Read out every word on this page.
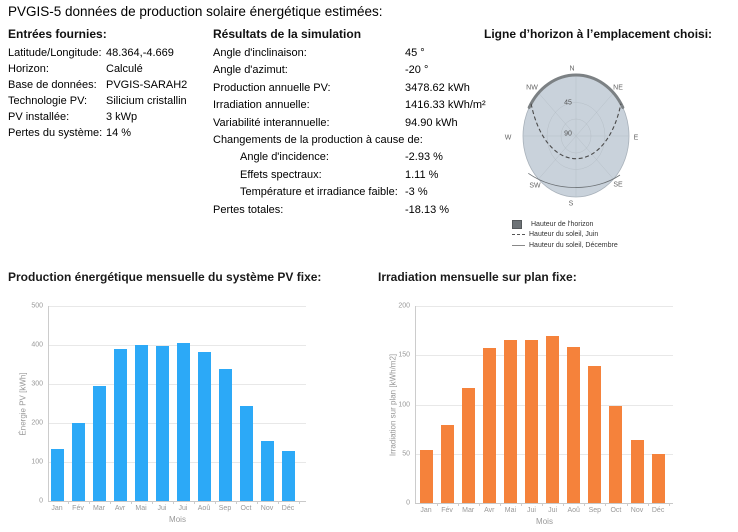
PVGIS-5 données de production solaire énergétique estimées:
Entrées fournies:
Latitude/Longitude: 48.364,-4.669
Horizon:	Calculé
Base de données: PVGIS-SARAH2
Technologie PV: Silicium cristallin
PV installée:	3 kWp
Pertes du système: 14 %
Résultats de la simulation
Angle d'inclinaison:	45 °
Angle d'azimut:	-20 °
Production annuelle PV:	3478.62 kWh
Irradiation annuelle:	1416.33 kWh/m²
Variabilité interannuelle:	94.90 kWh
Changements de la production à cause de:
Angle d'incidence:	-2.93 %
Effets spectraux:	1.11 %
Température et irradiance faible: -3 %
Pertes totales:	-18.13 %
Ligne d’horizon à l’emplacement choisi:
N
NE
E
SE
S
SW
W
NW
45
90
Hauteur de l'horizon
Hauteur du soleil, Juin
Hauteur du soleil, Décembre
Production énergétique mensuelle du système PV fixe:	Irradiation mensuelle sur plan fixe:
0
100
200
300
400
500
Jan Fév Mar Avr Mai Jui Jui Aoû Sep Oct Nov Déc
Énergie PV [kWh]
Mois
0
50
100
150
200
Jan Fév Mar Avr Mai Jui Jui Aoû Sep Oct Nov Déc
Irradiation sur plan [kWh/m2]
Mois
